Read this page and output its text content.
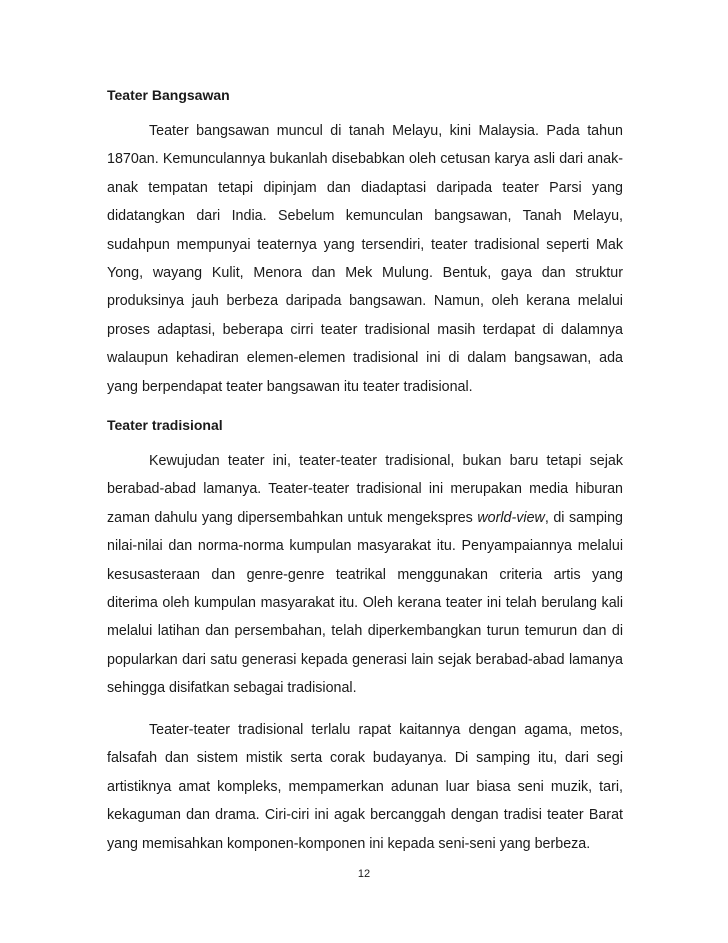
Teater Bangsawan

Teater bangsawan muncul di tanah Melayu, kini Malaysia. Pada tahun 1870an. Kemunculannya bukanlah disebabkan oleh cetusan karya asli dari anak-anak tempatan tetapi dipinjam dan diadaptasi daripada teater Parsi yang didatangkan dari India. Sebelum kemunculan bangsawan, Tanah Melayu, sudahpun mempunyai teaternya yang tersendiri, teater tradisional seperti Mak Yong, wayang Kulit, Menora dan Mek Mulung. Bentuk, gaya dan struktur produksinya jauh berbeza daripada bangsawan. Namun, oleh kerana melalui proses adaptasi, beberapa cirri teater tradisional masih terdapat di dalamnya walaupun kehadiran elemen-elemen tradisional ini di dalam bangsawan, ada yang berpendapat teater bangsawan itu teater tradisional.

Teater tradisional

Kewujudan teater ini, teater-teater tradisional, bukan baru tetapi sejak berabad-abad lamanya. Teater-teater tradisional ini merupakan media hiburan zaman dahulu yang dipersembahkan untuk mengekspres world-view, di samping nilai-nilai dan norma-norma kumpulan masyarakat itu. Penyampaiannya melalui kesusasteraan dan genre-genre teatrikal menggunakan criteria artis yang diterima oleh kumpulan masyarakat itu. Oleh kerana teater ini telah berulang kali melalui latihan dan persembahan, telah diperkembangkan turun temurun dan di popularkan dari satu generasi kepada generasi lain sejak berabad-abad lamanya sehingga disifatkan sebagai tradisional.

Teater-teater tradisional terlalu rapat kaitannya dengan agama, metos, falsafah dan sistem mistik serta corak budayanya. Di samping itu, dari segi artistiknya amat kompleks, mempamerkan adunan luar biasa seni muzik, tari, kekaguman dan drama. Ciri-ciri ini agak bercanggah dengan tradisi teater Barat yang memisahkan komponen-komponen ini kepada seni-seni yang berbeza.

12
